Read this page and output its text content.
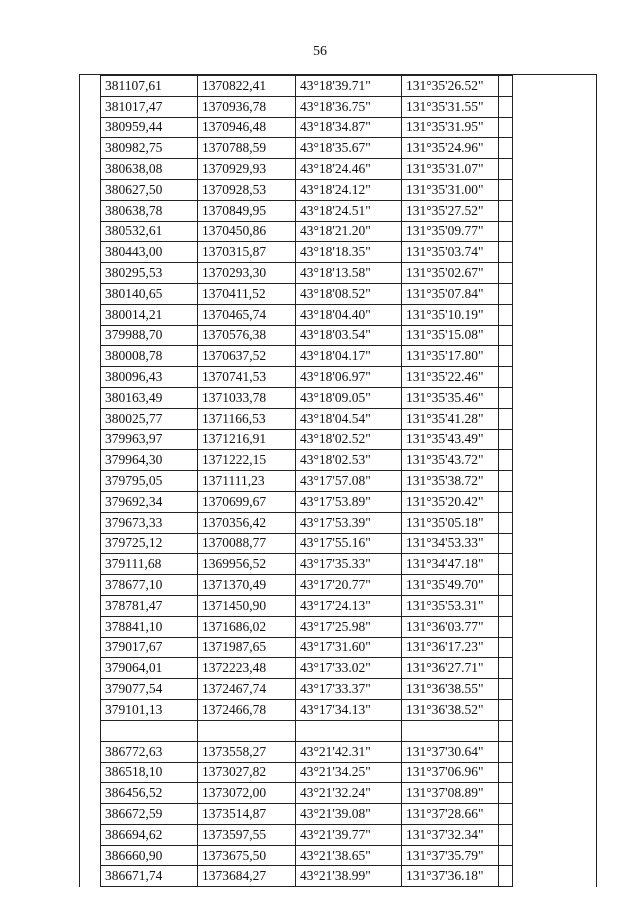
56

381107,61	1370822,41	43°18'39.71"	131°35'26.52"
381017,47	1370936,78	43°18'36.75"	131°35'31.55"
380959,44	1370946,48	43°18'34.87"	131°35'31.95"
380982,75	1370788,59	43°18'35.67"	131°35'24.96"
380638,08	1370929,93	43°18'24.46"	131°35'31.07"
380627,50	1370928,53	43°18'24.12"	131°35'31.00"
380638,78	1370849,95	43°18'24.51"	131°35'27.52"
380532,61	1370450,86	43°18'21.20"	131°35'09.77"
380443,00	1370315,87	43°18'18.35"	131°35'03.74"
380295,53	1370293,30	43°18'13.58"	131°35'02.67"
380140,65	1370411,52	43°18'08.52"	131°35'07.84"
380014,21	1370465,74	43°18'04.40"	131°35'10.19"
379988,70	1370576,38	43°18'03.54"	131°35'15.08"
380008,78	1370637,52	43°18'04.17"	131°35'17.80"
380096,43	1370741,53	43°18'06.97"	131°35'22.46"
380163,49	1371033,78	43°18'09.05"	131°35'35.46"
380025,77	1371166,53	43°18'04.54"	131°35'41.28"
379963,97	1371216,91	43°18'02.52"	131°35'43.49"
379964,30	1371222,15	43°18'02.53"	131°35'43.72"
379795,05	1371111,23	43°17'57.08"	131°35'38.72"
379692,34	1370699,67	43°17'53.89"	131°35'20.42"
379673,33	1370356,42	43°17'53.39"	131°35'05.18"
379725,12	1370088,77	43°17'55.16"	131°34'53.33"
379111,68	1369956,52	43°17'35.33"	131°34'47.18"
378677,10	1371370,49	43°17'20.77"	131°35'49.70"
378781,47	1371450,90	43°17'24.13"	131°35'53.31"
378841,10	1371686,02	43°17'25.98"	131°36'03.77"
379017,67	1371987,65	43°17'31.60"	131°36'17.23"
379064,01	1372223,48	43°17'33.02"	131°36'27.71"
379077,54	1372467,74	43°17'33.37"	131°36'38.55"
379101,13	1372466,78	43°17'34.13"	131°36'38.52"

386772,63	1373558,27	43°21'42.31"	131°37'30.64"
386518,10	1373027,82	43°21'34.25"	131°37'06.96"
386456,52	1373072,00	43°21'32.24"	131°37'08.89"
386672,59	1373514,87	43°21'39.08"	131°37'28.66"
386694,62	1373597,55	43°21'39.77"	131°37'32.34"
386660,90	1373675,50	43°21'38.65"	131°37'35.79"
386671,74	1373684,27	43°21'38.99"	131°37'36.18"
